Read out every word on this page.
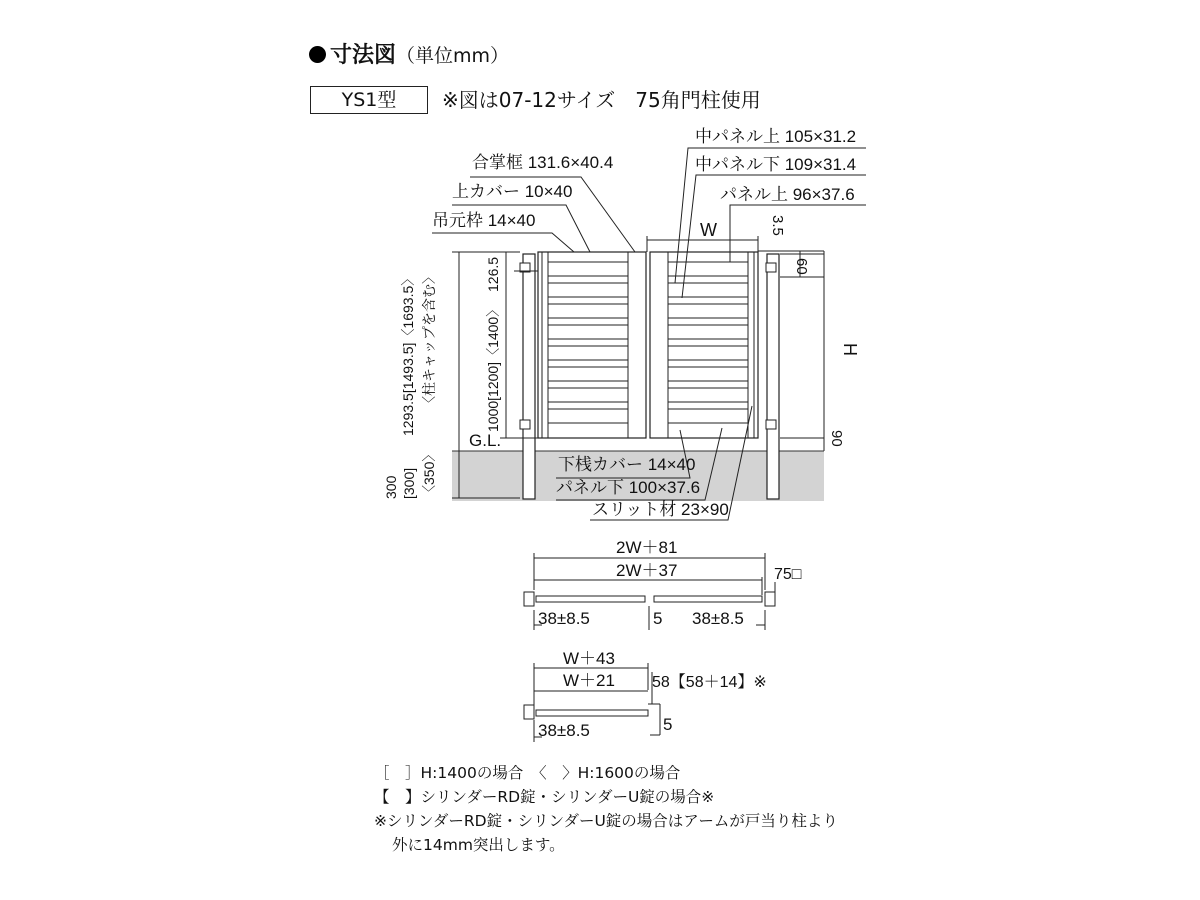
寸法図（単位mm）
YS1型	※図は07-12サイズ　75角門柱使用
合掌框 131.6×40.4
上カバー 10×40
吊元枠 14×40
中パネル上 105×31.2
中パネル下 109×31.4
パネル上 96×37.6
下桟カバー 14×40
パネル下 100×37.6
スリット材 23×90
G.L.
W
H
3.5
60
90
1293.5[1493.5]〈1693.5〉 〈柱キャップを含む〉	1000[1200]〈1400〉
126.5
300 [300] 〈350〉
2W＋81
2W＋37	75□
38±8.5	5 38±8.5
W＋43
W＋21 58【58＋14】※
5
38±8.5
［　］H:1400の場合　〈　〉H:1600の場合
【　】シリンダーRD錠・シリンダーU錠の場合※
※シリンダーRD錠・シリンダーU錠の場合はアームが戸当り柱より
外に14mm突出します。
